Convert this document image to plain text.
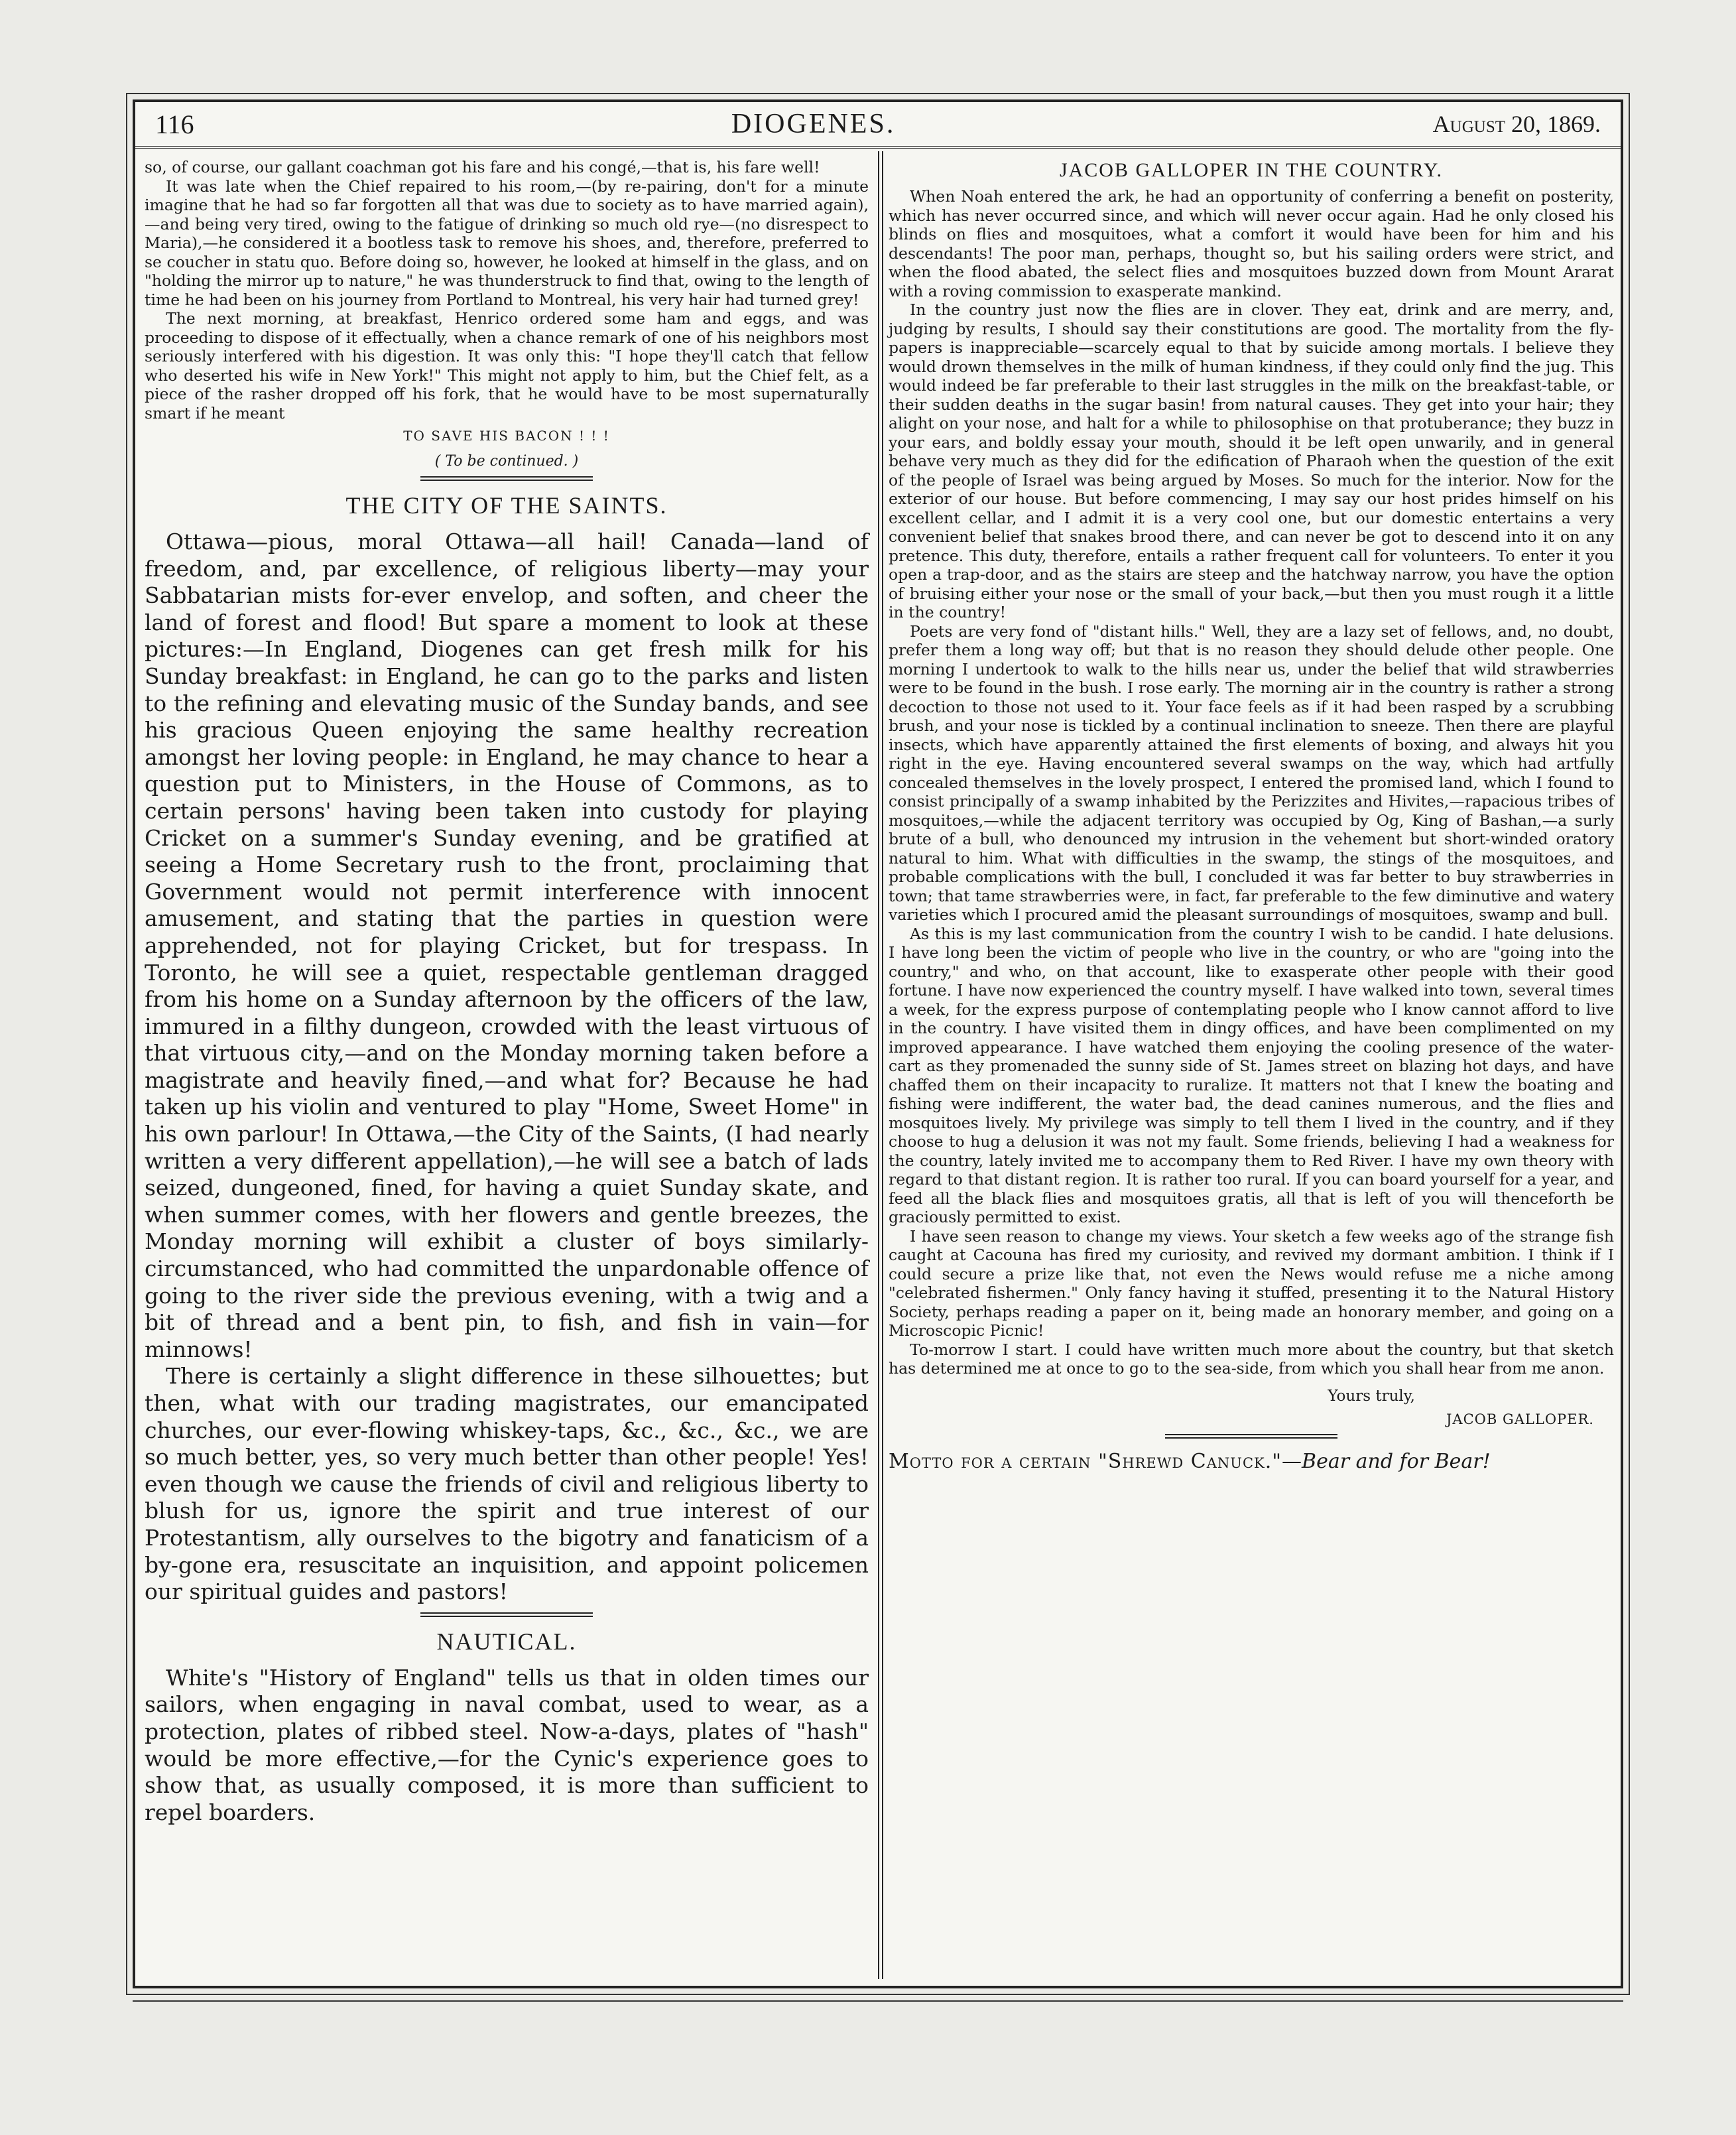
116	DIOGENES.	August 20, 1869.

so, of course, our gallant coachman got his fare and his congé,—that is, his fare well!

It was late when the Chief repaired to his room,—(by re-pairing, don't for a minute imagine that he had so far forgotten all that was due to society as to have married again),—and being very tired, owing to the fatigue of drinking so much old rye—(no disrespect to Maria),—he considered it a bootless task to remove his shoes, and, therefore, preferred to se coucher in statu quo. Before doing so, however, he looked at himself in the glass, and on "holding the mirror up to nature," he was thunderstruck to find that, owing to the length of time he had been on his journey from Portland to Montreal, his very hair had turned grey!

The next morning, at breakfast, Henrico ordered some ham and eggs, and was proceeding to dispose of it effectually, when a chance remark of one of his neighbors most seriously interfered with his digestion. It was only this: "I hope they'll catch that fellow who deserted his wife in New York!" This might not apply to him, but the Chief felt, as a piece of the rasher dropped off his fork, that he would have to be most supernaturally smart if he meant

TO SAVE HIS BACON ! ! !
( To be continued. )
THE CITY OF THE SAINTS.

Ottawa—pious, moral Ottawa—all hail! Canada—land of freedom, and, par excellence, of religious liberty—may your Sabbatarian mists for-ever envelop, and soften, and cheer the land of forest and flood! But spare a moment to look at these pictures:—In England, Diogenes can get fresh milk for his Sunday breakfast: in England, he can go to the parks and listen to the refining and elevating music of the Sunday bands, and see his gracious Queen enjoying the same healthy recreation amongst her loving people: in England, he may chance to hear a question put to Ministers, in the House of Commons, as to certain persons' having been taken into custody for playing Cricket on a summer's Sunday evening, and be gratified at seeing a Home Secretary rush to the front, proclaiming that Government would not permit interference with innocent amusement, and stating that the parties in question were apprehended, not for playing Cricket, but for trespass. In Toronto, he will see a quiet, respectable gentleman dragged from his home on a Sunday afternoon by the officers of the law, immured in a filthy dungeon, crowded with the least virtuous of that virtuous city,—and on the Monday morning taken before a magistrate and heavily fined,—and what for? Because he had taken up his violin and ventured to play "Home, Sweet Home" in his own parlour! In Ottawa,—the City of the Saints, (I had nearly written a very different appellation),—he will see a batch of lads seized, dungeoned, fined, for having a quiet Sunday skate, and when summer comes, with her flowers and gentle breezes, the Monday morning will exhibit a cluster of boys similarly-circumstanced, who had committed the unpardonable offence of going to the river side the previous evening, with a twig and a bit of thread and a bent pin, to fish, and fish in vain—for minnows!

There is certainly a slight difference in these silhouettes; but then, what with our trading magistrates, our emancipated churches, our ever-flowing whiskey-taps, &c., &c., &c., we are so much better, yes, so very much better than other people! Yes! even though we cause the friends of civil and religious liberty to blush for us, ignore the spirit and true interest of our Protestantism, ally ourselves to the bigotry and fanaticism of a by-gone era, resuscitate an inquisition, and appoint policemen our spiritual guides and pastors!

NAUTICAL.

White's "History of England" tells us that in olden times our sailors, when engaging in naval combat, used to wear, as a protection, plates of ribbed steel. Now-a-days, plates of "hash" would be more effective,—for the Cynic's experience goes to show that, as usually composed, it is more than sufficient to repel boarders.

JACOB GALLOPER IN THE COUNTRY.

When Noah entered the ark, he had an opportunity of conferring a benefit on posterity, which has never occurred since, and which will never occur again. Had he only closed his blinds on flies and mosquitoes, what a comfort it would have been for him and his descendants! The poor man, perhaps, thought so, but his sailing orders were strict, and when the flood abated, the select flies and mosquitoes buzzed down from Mount Ararat with a roving commission to exasperate mankind.

In the country just now the flies are in clover. They eat, drink and are merry, and, judging by results, I should say their constitutions are good. The mortality from the fly-papers is inappreciable—scarcely equal to that by suicide among mortals. I believe they would drown themselves in the milk of human kindness, if they could only find the jug. This would indeed be far preferable to their last struggles in the milk on the breakfast-table, or their sudden deaths in the sugar basin! from natural causes. They get into your hair; they alight on your nose, and halt for a while to philosophise on that protuberance; they buzz in your ears, and boldly essay your mouth, should it be left open unwarily, and in general behave very much as they did for the edification of Pharaoh when the question of the exit of the people of Israel was being argued by Moses. So much for the interior. Now for the exterior of our house. But before commencing, I may say our host prides himself on his excellent cellar, and I admit it is a very cool one, but our domestic entertains a very convenient belief that snakes brood there, and can never be got to descend into it on any pretence. This duty, therefore, entails a rather frequent call for volunteers. To enter it you open a trap-door, and as the stairs are steep and the hatchway narrow, you have the option of bruising either your nose or the small of your back,—but then you must rough it a little in the country!

Poets are very fond of "distant hills." Well, they are a lazy set of fellows, and, no doubt, prefer them a long way off; but that is no reason they should delude other people. One morning I undertook to walk to the hills near us, under the belief that wild strawberries were to be found in the bush. I rose early. The morning air in the country is rather a strong decoction to those not used to it. Your face feels as if it had been rasped by a scrubbing brush, and your nose is tickled by a continual inclination to sneeze. Then there are playful insects, which have apparently attained the first elements of boxing, and always hit you right in the eye. Having encountered several swamps on the way, which had artfully concealed themselves in the lovely prospect, I entered the promised land, which I found to consist principally of a swamp inhabited by the Perizzites and Hivites,—rapacious tribes of mosquitoes,—while the adjacent territory was occupied by Og, King of Bashan,—a surly brute of a bull, who denounced my intrusion in the vehement but short-winded oratory natural to him. What with difficulties in the swamp, the stings of the mosquitoes, and probable complications with the bull, I concluded it was far better to buy strawberries in town; that tame strawberries were, in fact, far preferable to the few diminutive and watery varieties which I procured amid the pleasant surroundings of mosquitoes, swamp and bull.

As this is my last communication from the country I wish to be candid. I hate delusions. I have long been the victim of people who live in the country, or who are "going into the country," and who, on that account, like to exasperate other people with their good fortune. I have now experienced the country myself. I have walked into town, several times a week, for the express purpose of contemplating people who I know cannot afford to live in the country. I have visited them in dingy offices, and have been complimented on my improved appearance. I have watched them enjoying the cooling presence of the water-cart as they promenaded the sunny side of St. James street on blazing hot days, and have chaffed them on their incapacity to ruralize. It matters not that I knew the boating and fishing were indifferent, the water bad, the dead canines numerous, and the flies and mosquitoes lively. My privilege was simply to tell them I lived in the country, and if they choose to hug a delusion it was not my fault. Some friends, believing I had a weakness for the country, lately invited me to accompany them to Red River. I have my own theory with regard to that distant region. It is rather too rural. If you can board yourself for a year, and feed all the black flies and mosquitoes gratis, all that is left of you will thenceforth be graciously permitted to exist.

I have seen reason to change my views. Your sketch a few weeks ago of the strange fish caught at Cacouna has fired my curiosity, and revived my dormant ambition. I think if I could secure a prize like that, not even the News would refuse me a niche among "celebrated fishermen." Only fancy having it stuffed, presenting it to the Natural History Society, perhaps reading a paper on it, being made an honorary member, and going on a Microscopic Picnic!

To-morrow I start. I could have written much more about the country, but that sketch has determined me at once to go to the sea-side, from which you shall hear from me anon.

Yours truly,
JACOB GALLOPER.
Motto for a certain "Shrewd Canuck."—Bear and for Bear!
